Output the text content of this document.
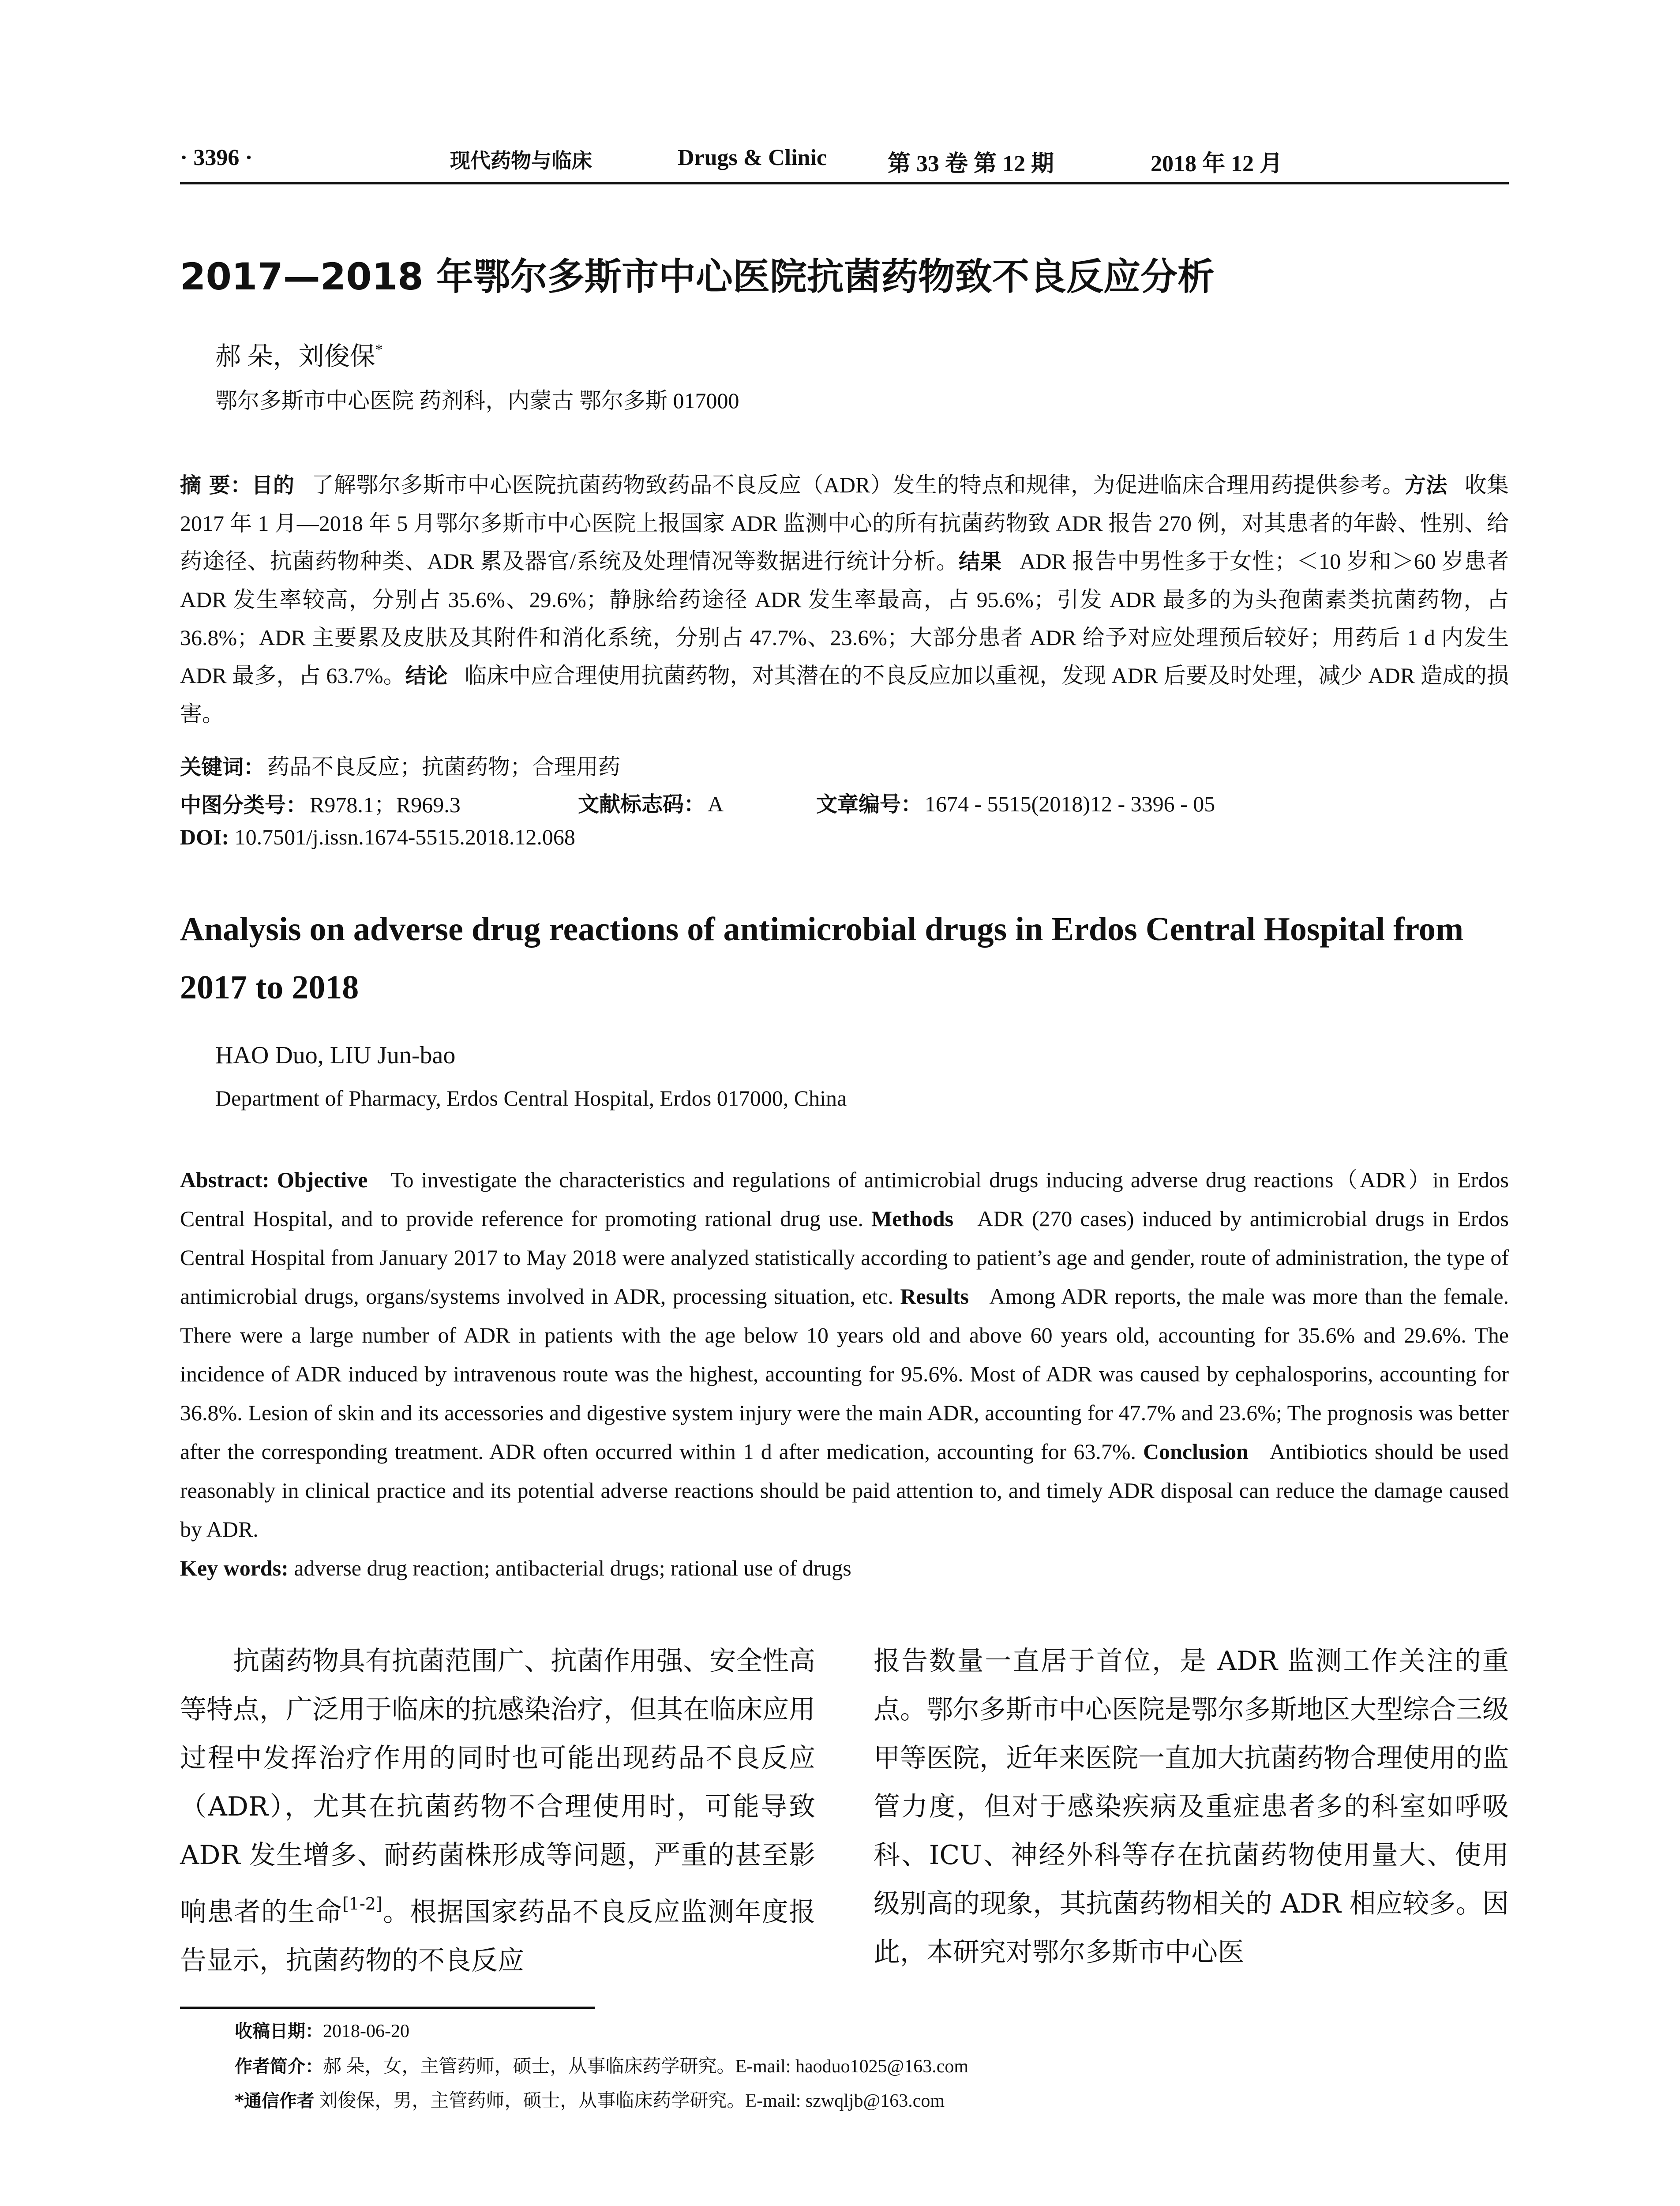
· 3396 ·	现代药物与临床	Drugs & Clinic	第 33 卷 第 12 期	2018 年 12 月
2017—2018 年鄂尔多斯市中心医院抗菌药物致不良反应分析
郝 朵，刘俊保*
鄂尔多斯市中心医院 药剂科，内蒙古 鄂尔多斯 017000
摘 要：目的 了解鄂尔多斯市中心医院抗菌药物致药品不良反应（ADR）发生的特点和规律，为促进临床合理用药提供参考。方法 收集 2017 年 1 月—2018 年 5 月鄂尔多斯市中心医院上报国家 ADR 监测中心的所有抗菌药物致 ADR 报告 270 例，对其患者的年龄、性别、给药途径、抗菌药物种类、ADR 累及器官/系统及处理情况等数据进行统计分析。结果 ADR 报告中男性多于女性；＜10 岁和＞60 岁患者 ADR 发生率较高，分别占 35.6%、29.6%；静脉给药途径 ADR 发生率最高，占 95.6%；引发 ADR 最多的为头孢菌素类抗菌药物，占 36.8%；ADR 主要累及皮肤及其附件和消化系统，分别占 47.7%、23.6%；大部分患者 ADR 给予对应处理预后较好；用药后 1 d 内发生 ADR 最多，占 63.7%。结论 临床中应合理使用抗菌药物，对其潜在的不良反应加以重视，发现 ADR 后要及时处理，减少 ADR 造成的损害。
关键词： 药品不良反应；抗菌药物；合理用药
中图分类号： R978.1；R969.3	文献标志码： A	文章编号： 1674 - 5515(2018)12 - 3396 - 05
DOI: 10.7501/j.issn.1674-5515.2018.12.068
Analysis on adverse drug reactions of antimicrobial drugs in Erdos Central Hospital from 2017 to 2018
HAO Duo, LIU Jun-bao
Department of Pharmacy, Erdos Central Hospital, Erdos 017000, China
Abstract: Objective To investigate the characteristics and regulations of antimicrobial drugs inducing adverse drug reactions（ADR）in Erdos Central Hospital, and to provide reference for promoting rational drug use. Methods ADR (270 cases) induced by antimicrobial drugs in Erdos Central Hospital from January 2017 to May 2018 were analyzed statistically according to patient’s age and gender, route of administration, the type of antimicrobial drugs, organs/systems involved in ADR, processing situation, etc. Results Among ADR reports, the male was more than the female. There were a large number of ADR in patients with the age below 10 years old and above 60 years old, accounting for 35.6% and 29.6%. The incidence of ADR induced by intravenous route was the highest, accounting for 95.6%. Most of ADR was caused by cephalosporins, accounting for 36.8%. Lesion of skin and its accessories and digestive system injury were the main ADR, accounting for 47.7% and 23.6%; The prognosis was better after the corresponding treatment. ADR often occurred within 1 d after medication, accounting for 63.7%. Conclusion Antibiotics should be used reasonably in clinical practice and its potential adverse reactions should be paid attention to, and timely ADR disposal can reduce the damage caused by ADR.
Key words: adverse drug reaction; antibacterial drugs; rational use of drugs
抗菌药物具有抗菌范围广、抗菌作用强、安全性高等特点，广泛用于临床的抗感染治疗，但其在临床应用过程中发挥治疗作用的同时也可能出现药品不良反应（ADR），尤其在抗菌药物不合理使用时，可能导致 ADR 发生增多、耐药菌株形成等问题，严重的甚至影响患者的生命[1-2]。根据国家药品不良反应监测年度报告显示，抗菌药物的不良反应
报告数量一直居于首位，是 ADR 监测工作关注的重点。鄂尔多斯市中心医院是鄂尔多斯地区大型综合三级甲等医院，近年来医院一直加大抗菌药物合理使用的监管力度，但对于感染疾病及重症患者多的科室如呼吸科、ICU、神经外科等存在抗菌药物使用量大、使用级别高的现象，其抗菌药物相关的 ADR 相应较多。因此，本研究对鄂尔多斯市中心医
收稿日期：2018-06-20
作者简介：郝 朵，女，主管药师，硕士，从事临床药学研究。E-mail: haoduo1025@163.com
*通信作者 刘俊保，男，主管药师，硕士，从事临床药学研究。E-mail: szwqljb@163.com
